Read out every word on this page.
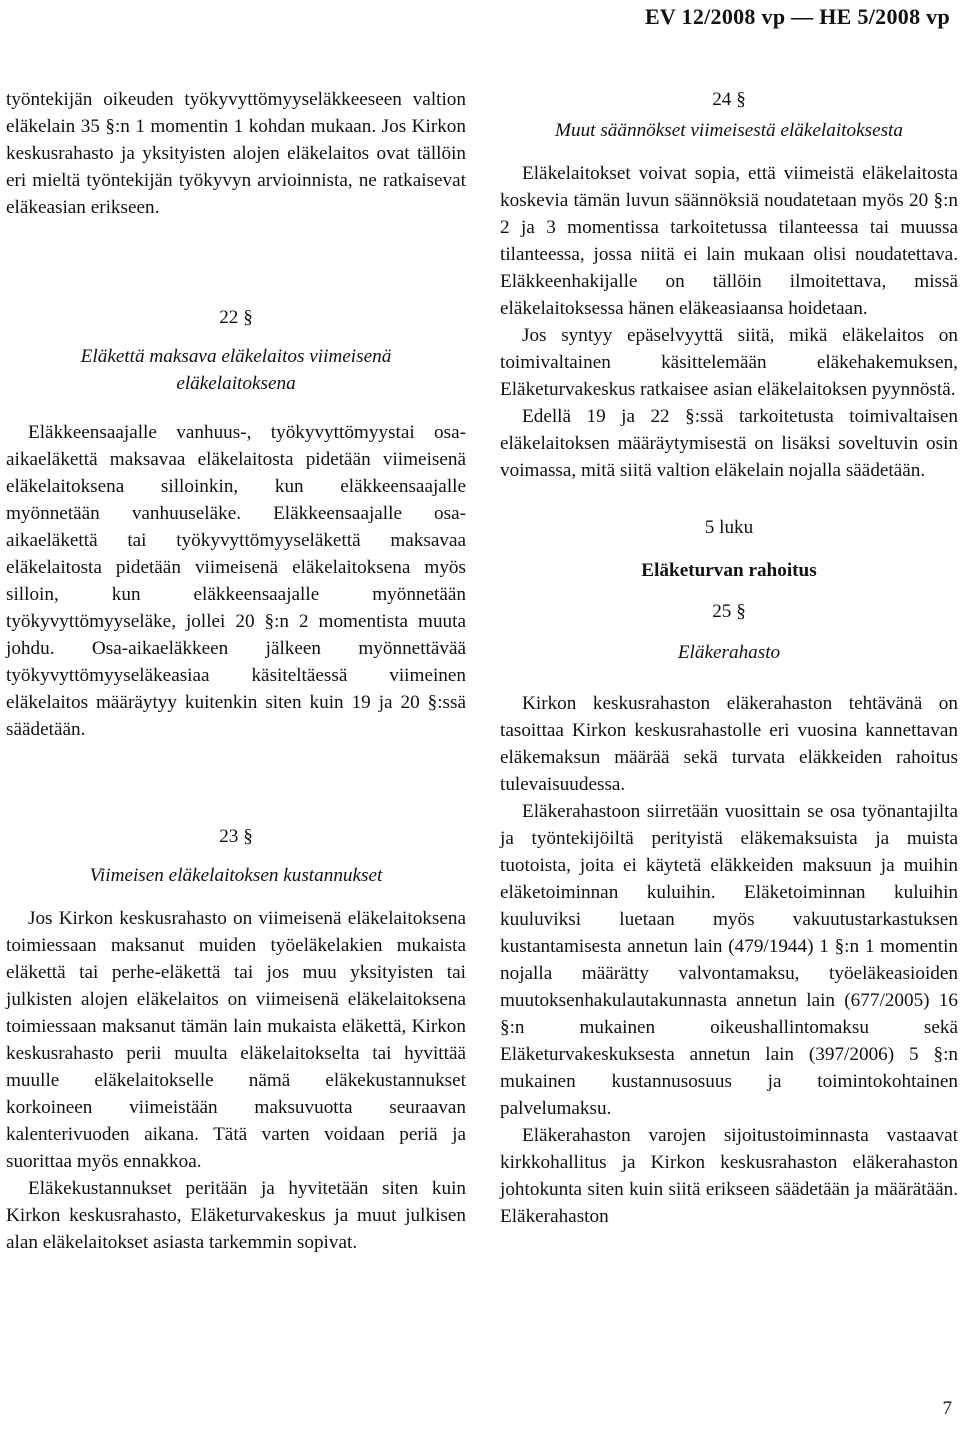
EV 12/2008 vp — HE 5/2008 vp

työntekijän oikeuden työkyvyttömyyseläkkeeseen valtion eläkelain 35 §:n 1 momentin 1 kohdan mukaan. Jos Kirkon keskusrahasto ja yksityisten alojen eläkelaitos ovat tällöin eri mieltä työntekijän työkyvyn arvioinnista, ne ratkaisevat eläkeasian erikseen.

22 §

Eläkettä maksava eläkelaitos viimeisenä eläkelaitoksena

Eläkkeensaajalle vanhuus-, työkyvyttömyystai osa-aikaeläkettä maksavaa eläkelaitosta pidetään viimeisenä eläkelaitoksena silloinkin, kun eläkkeensaajalle myönnetään vanhuuseläke. Eläkkeensaajalle osa-aikaeläkettä tai työkyvyttömyyseläkettä maksavaa eläkelaitosta pidetään viimeisenä eläkelaitoksena myös silloin, kun eläkkeensaajalle myönnetään työkyvyttömyyseläke, jollei 20 §:n 2 momentista muuta johdu. Osa-aikaeläkkeen jälkeen myönnettävää työkyvyttömyyseläkeasiaa käsiteltäessä viimeinen eläkelaitos määräytyy kuitenkin siten kuin 19 ja 20 §:ssä säädetään.

23 §

Viimeisen eläkelaitoksen kustannukset

Jos Kirkon keskusrahasto on viimeisenä eläkelaitoksena toimiessaan maksanut muiden työeläkelakien mukaista eläkettä tai perhe-eläkettä tai jos muu yksityisten tai julkisten alojen eläkelaitos on viimeisenä eläkelaitoksena toimiessaan maksanut tämän lain mukaista eläkettä, Kirkon keskusrahasto perii muulta eläkelaitokselta tai hyvittää muulle eläkelaitokselle nämä eläkekustannukset korkoineen viimeistään maksuvuotta seuraavan kalenterivuoden aikana. Tätä varten voidaan periä ja suorittaa myös ennakkoa.

Eläkekustannukset peritään ja hyvitetään siten kuin Kirkon keskusrahasto, Eläketurvakeskus ja muut julkisen alan eläkelaitokset asiasta tarkemmin sopivat.

24 §

Muut säännökset viimeisestä eläkelaitoksesta

Eläkelaitokset voivat sopia, että viimeistä eläkelaitosta koskevia tämän luvun säännöksiä noudatetaan myös 20 §:n 2 ja 3 momentissa tarkoitetussa tilanteessa tai muussa tilanteessa, jossa niitä ei lain mukaan olisi noudatettava. Eläkkeenhakijalle on tällöin ilmoitettava, missä eläkelaitoksessa hänen eläkeasiaansa hoidetaan.

Jos syntyy epäselvyyttä siitä, mikä eläkelaitos on toimivaltainen käsittelemään eläkehakemuksen, Eläketurvakeskus ratkaisee asian eläkelaitoksen pyynnöstä.

Edellä 19 ja 22 §:ssä tarkoitetusta toimivaltaisen eläkelaitoksen määräytymisestä on lisäksi soveltuvin osin voimassa, mitä siitä valtion eläkelain nojalla säädetään.

5 luku

Eläketurvan rahoitus

25 §

Eläkerahasto

Kirkon keskusrahaston eläkerahaston tehtävänä on tasoittaa Kirkon keskusrahastolle eri vuosina kannettavan eläkemaksun määrää sekä turvata eläkkeiden rahoitus tulevaisuudessa.

Eläkerahastoon siirretään vuosittain se osa työnantajilta ja työntekijöiltä perityistä eläkemaksuista ja muista tuotoista, joita ei käytetä eläkkeiden maksuun ja muihin eläketoiminnan kuluihin. Eläketoiminnan kuluihin kuuluviksi luetaan myös vakuutustarkastuksen kustantamisesta annetun lain (479/1944) 1 §:n 1 momentin nojalla määrätty valvontamaksu, työeläkeasioiden muutoksenhakulautakunnasta annetun lain (677/2005) 16 §:n mukainen oikeushallintomaksu sekä Eläketurvakeskuksesta annetun lain (397/2006) 5 §:n mukainen kustannusosuus ja toimintokohtainen palvelumaksu.

Eläkerahaston varojen sijoitustoiminnasta vastaavat kirkkohallitus ja Kirkon keskusrahaston eläkerahaston johtokunta siten kuin siitä erikseen säädetään ja määrätään. Eläkerahaston

7
